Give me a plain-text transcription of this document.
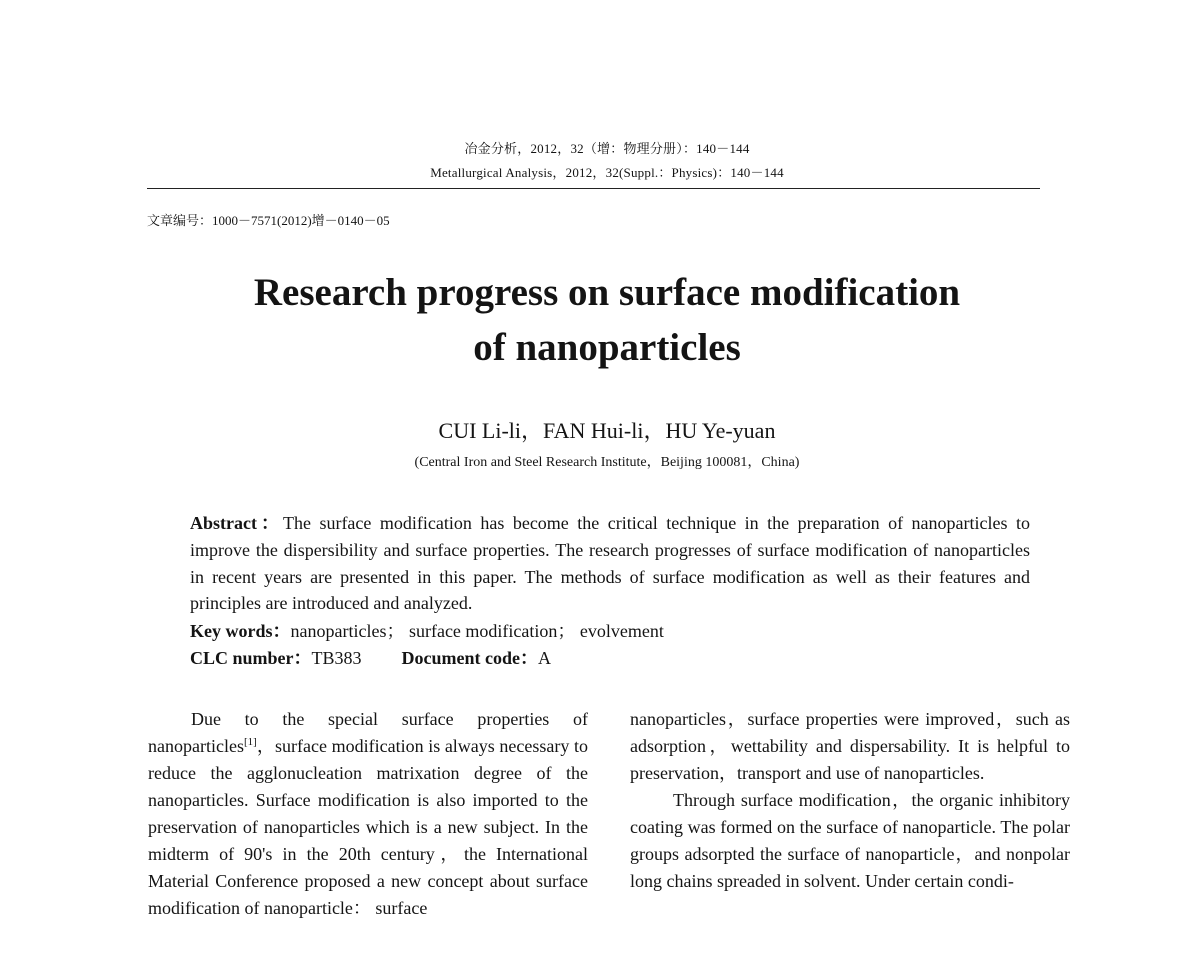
冶金分析，2012，32（增：物理分册）：140－144
Metallurgical Analysis，2012，32(Suppl.：Physics)：140－144
文章编号：1000－7571(2012)增－0140－05
Research progress on surface modification
of nanoparticles
CUI Li-li，FAN Hui-li，HU Ye-yuan
(Central Iron and Steel Research Institute，Beijing 100081，China)

Abstract：The surface modification has become the critical technique in the preparation of nanoparticles to improve the dispersibility and surface properties. The research progresses of surface modification of nanoparticles in recent years are presented in this paper. The methods of surface modification as well as their features and principles are introduced and analyzed.

Key words：nanoparticles； surface modification； evolvement
CLC number：TB383 Document code：A

Due to the special surface properties of nanoparticles[1]，surface modification is always necessary to reduce the agglonucleation matrixation degree of the nanoparticles. Surface modification is also imported to the preservation of nanoparticles which is a new subject. In the midterm of 90's in the 20th century，the International Material Conference proposed a new concept about surface modification of nanoparticle： surface

nanoparticles，surface properties were improved，such as adsorption，wettability and dispersability. It is helpful to preservation，transport and use of nanoparticles.

Through surface modification，the organic inhibitory coating was formed on the surface of nanoparticle. The polar groups adsorpted the surface of nanoparticle，and nonpolar long chains spreaded in solvent. Under certain condi-
